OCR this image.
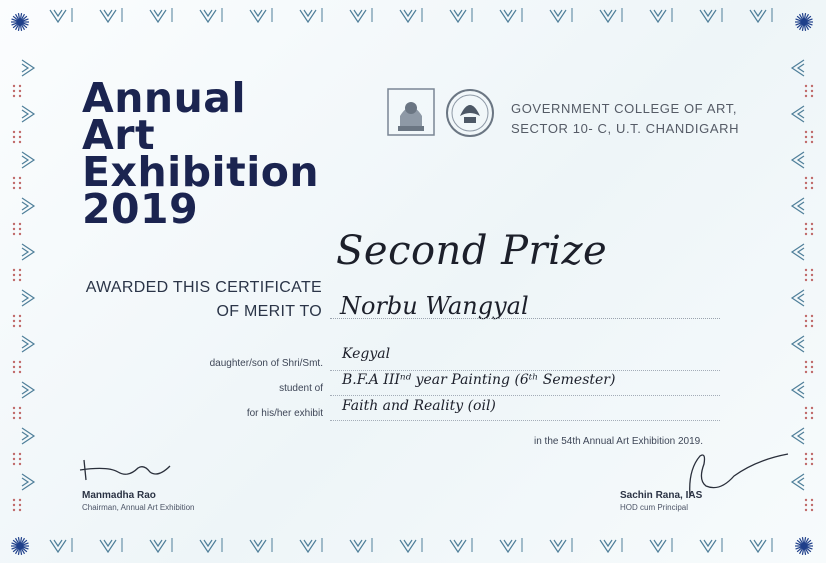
Annual
Art
Exhibition
2019
GOVERNMENT COLLEGE OF ART,
SECTOR 10- C, U.T. CHANDIGARH
AWARDED THIS CERTIFICATE
OF MERIT TO
Second Prize
Norbu Wangyal
daughter/son of Shri/Smt.
Kegyal
student of
B.F.A IIIⁿᵈ year Painting (6ᵗʰ Semester)
for his/her exhibit Faith and Reality (oil)
in the 54th Annual Art Exhibition 2019.
Manmadha Rao
Chairman, Annual Art Exhibition
Sachin Rana, IAS
HOD cum Principal
